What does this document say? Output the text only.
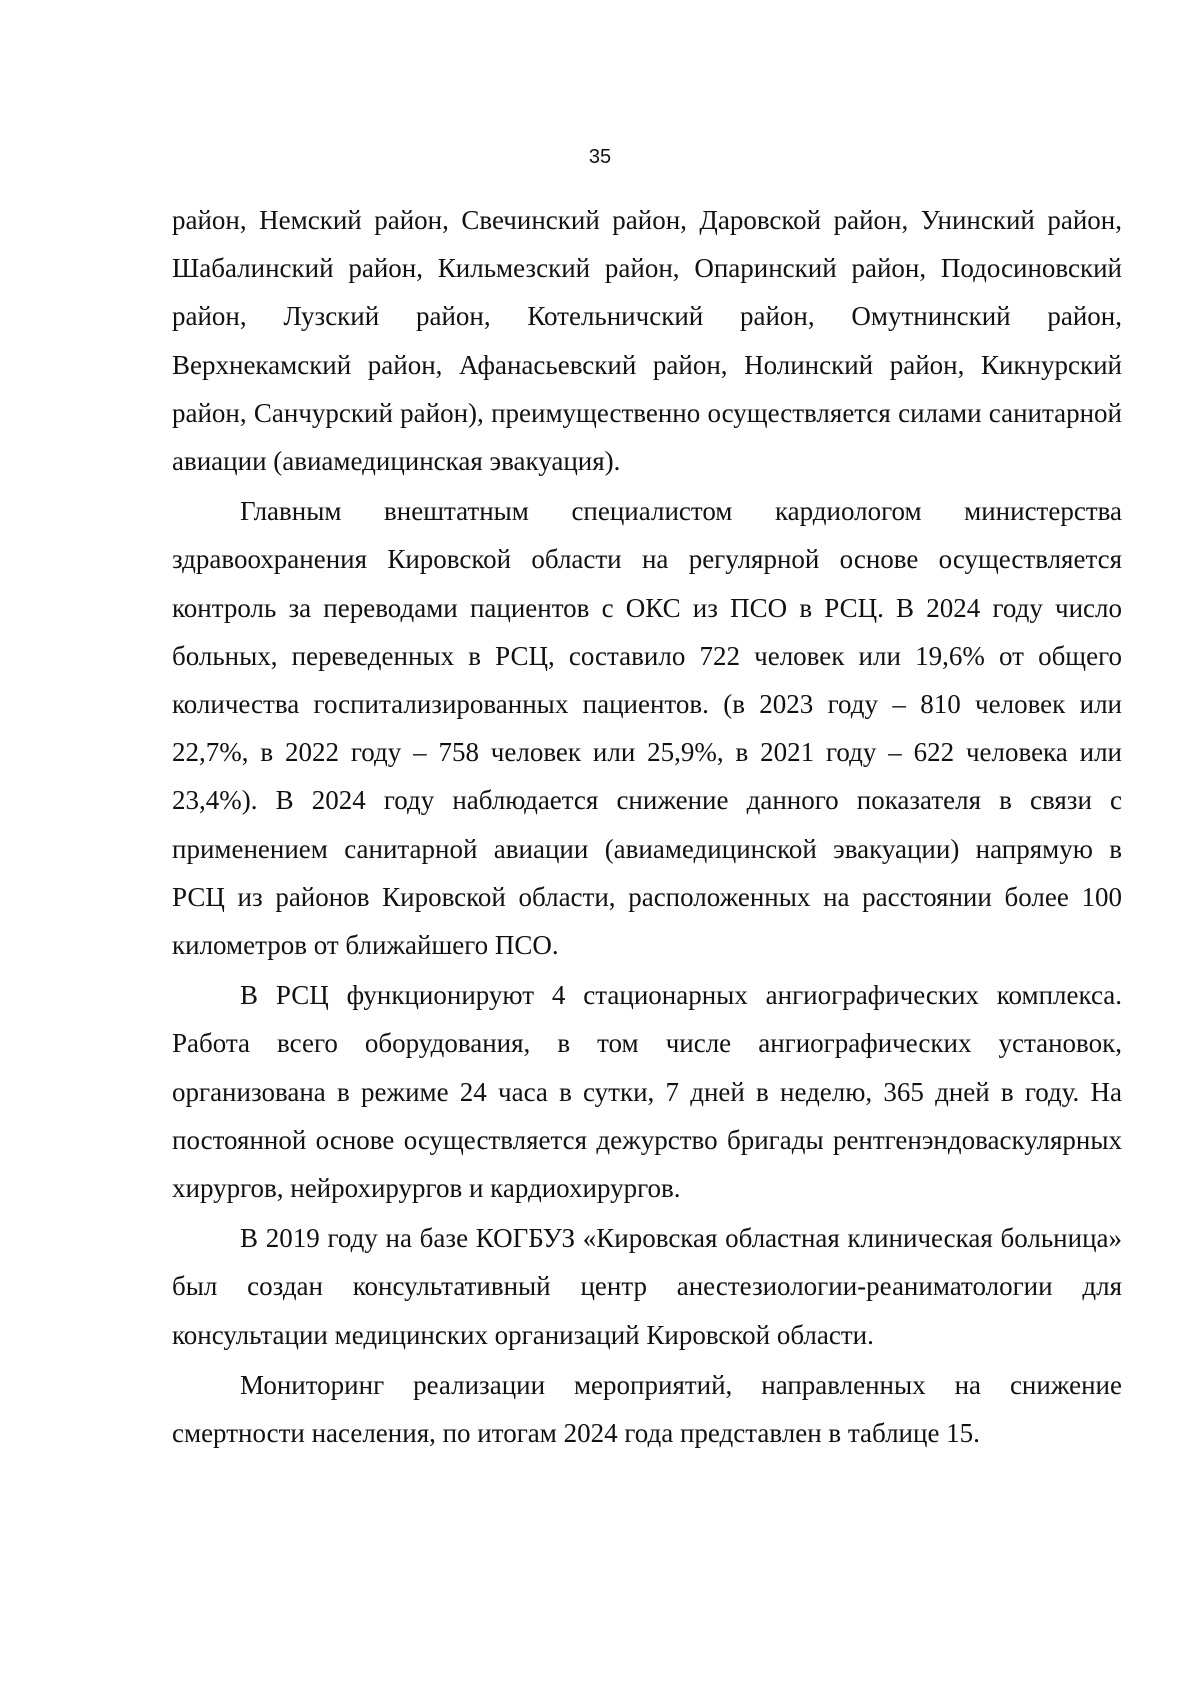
35

район, Немский район, Свечинский район, Даровской район, Унинский район, Шабалинский район, Кильмезский район, Опаринский район, Подосиновский район, Лузский район, Котельничский район, Омутнинский район, Верхнекамский район, Афанасьевский район, Нолинский район, Кикнурский район, Санчурский район), преимущественно осуществляется силами санитарной авиации (авиамедицинская эвакуация).

Главным внештатным специалистом кардиологом министерства здравоохранения Кировской области на регулярной основе осуществляется контроль за переводами пациентов с ОКС из ПСО в РСЦ. В 2024 году число больных, переведенных в РСЦ, составило 722 человек или 19,6% от общего количества госпитализированных пациентов. (в 2023 году – 810 человек или 22,7%, в 2022 году – 758 человек или 25,9%, в 2021 году – 622 человека или 23,4%). В 2024 году наблюдается снижение данного показателя в связи с применением санитарной авиации (авиамедицинской эвакуации) напрямую в РСЦ из районов Кировской области, расположенных на расстоянии более 100 километров от ближайшего ПСО.

В РСЦ функционируют 4 стационарных ангиографических комплекса. Работа всего оборудования, в том числе ангиографических установок, организована в режиме 24 часа в сутки, 7 дней в неделю, 365 дней в году. На постоянной основе осуществляется дежурство бригады рентгенэндоваскулярных хирургов, нейрохирургов и кардиохирургов.

В 2019 году на базе КОГБУЗ «Кировская областная клиническая больница» был создан консультативный центр анестезиологии-реаниматологии для консультации медицинских организаций Кировской области.

Мониторинг реализации мероприятий, направленных на снижение смертности населения, по итогам 2024 года представлен в таблице 15.
